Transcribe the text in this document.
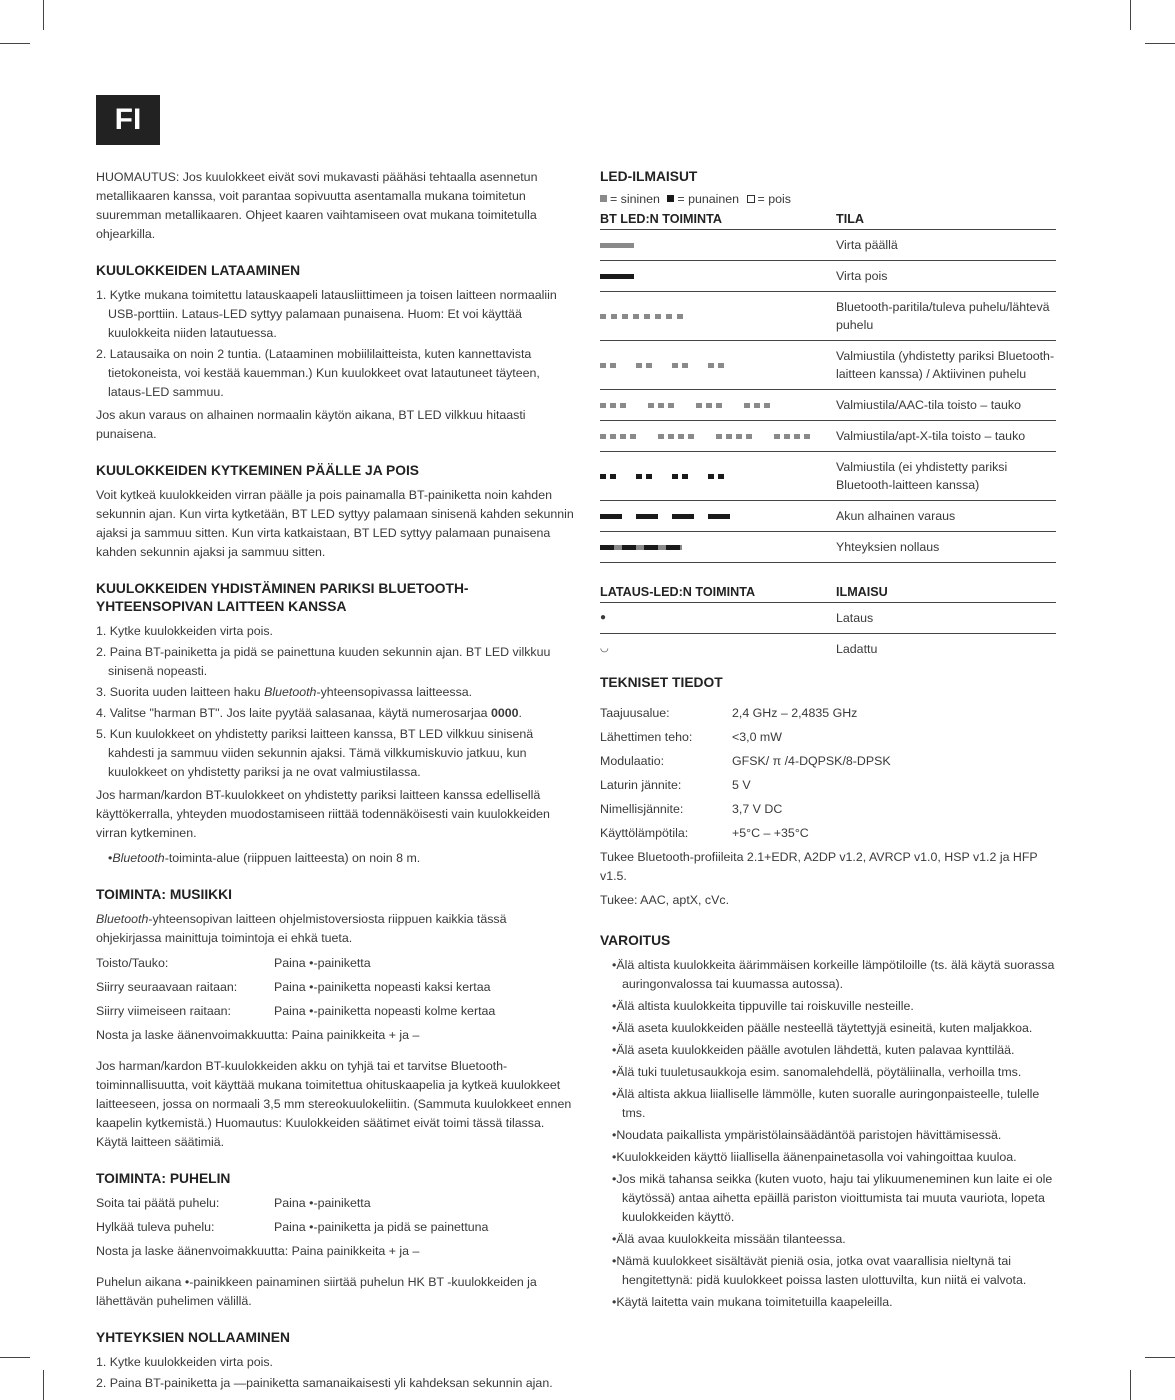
FI

HUOMAUTUS: Jos kuulokkeet eivät sovi mukavasti päähäsi tehtaalla asennetun metallikaaren kanssa, voit parantaa sopivuutta asentamalla mukana toimitetun suuremman metallikaaren. Ohjeet kaaren vaihtamiseen ovat mukana toimitetulla ohjearkilla.

KUULOKKEIDEN LATAAMINEN
1. Kytke mukana toimitettu latauskaapeli latausliittimeen ja toisen laitteen normaaliin USB-porttiin. Lataus-LED syttyy palamaan punaisena. Huom: Et voi käyttää kuulokkeita niiden latautuessa.
2. Latausaika on noin 2 tuntia. (Lataaminen mobiililaitteista, kuten kannettavista tietokoneista, voi kestää kauemman.) Kun kuulokkeet ovat latautuneet täyteen, lataus-LED sammuu.

Jos akun varaus on alhainen normaalin käytön aikana, BT LED vilkkuu hitaasti punaisena.

KUULOKKEIDEN KYTKEMINEN PÄÄLLE JA POIS

Voit kytkeä kuulokkeiden virran päälle ja pois painamalla BT-painiketta noin kahden sekunnin ajan. Kun virta kytketään, BT LED syttyy palamaan sinisenä kahden sekunnin ajaksi ja sammuu sitten. Kun virta katkaistaan, BT LED syttyy palamaan punaisena kahden sekunnin ajaksi ja sammuu sitten.

KUULOKKEIDEN YHDISTÄMINEN PARIKSI BLUETOOTH-YHTEENSOPIVAN LAITTEEN KANSSA
1. Kytke kuulokkeiden virta pois.
2. Paina BT-painiketta ja pidä se painettuna kuuden sekunnin ajan. BT LED vilkkuu sinisenä nopeasti.
3. Suorita uuden laitteen haku Bluetooth-yhteensopivassa laitteessa.
4. Valitse "harman BT". Jos laite pyytää salasanaa, käytä numerosarjaa 0000.
5. Kun kuulokkeet on yhdistetty pariksi laitteen kanssa, BT LED vilkkuu sinisenä kahdesti ja sammuu viiden sekunnin ajaksi. Tämä vilkkumiskuvio jatkuu, kun kuulokkeet on yhdistetty pariksi ja ne ovat valmiustilassa.

Jos harman/kardon BT-kuulokkeet on yhdistetty pariksi laitteen kanssa edellisellä käyttökerralla, yhteyden muodostamiseen riittää todennäköisesti vain kuulokkeiden virran kytkeminen.

• Bluetooth-toiminta-alue (riippuen laitteesta) on noin 8 m.
TOIMINTA: MUSIIKKI

Bluetooth-yhteensopivan laitteen ohjelmistoversiosta riippuen kaikkia tässä ohjekirjassa mainittuja toimintoja ei ehkä tueta.

Toisto/Tauko:	Paina •-painiketta
Siirry seuraavaan raitaan:	Paina •-painiketta nopeasti kaksi kertaa
Siirry viimeiseen raitaan:	Paina •-painiketta nopeasti kolme kertaa

Nosta ja laske äänenvoimakkuutta: Paina painikkeita + ja –

Jos harman/kardon BT-kuulokkeiden akku on tyhjä tai et tarvitse Bluetooth-toiminnallisuutta, voit käyttää mukana toimitettua ohituskaapelia ja kytkeä kuulokkeet laitteeseen, jossa on normaali 3,5 mm stereokuulokeliitin. (Sammuta kuulokkeet ennen kaapelin kytkemistä.) Huomautus: Kuulokkeiden säätimet eivät toimi tässä tilassa. Käytä laitteen säätimiä.

TOIMINTA: PUHELIN
Soita tai päätä puhelu:	Paina •-painiketta
Hylkää tuleva puhelu:	Paina •-painiketta ja pidä se painettuna

Nosta ja laske äänenvoimakkuutta: Paina painikkeita + ja –

Puhelun aikana •-painikkeen painaminen siirtää puhelun HK BT -kuulokkeiden ja lähettävän puhelimen välillä.

YHTEYKSIEN NOLLAAMINEN
1. Kytke kuulokkeiden virta pois.
2. Paina BT-painiketta ja —painiketta samanaikaisesti yli kahdeksan sekunnin ajan.
LED-ILMAISUT
= sininen = punainen = pois
BT LED:N TOIMINTA	TILA
	Virta päällä
	Virta pois
	Bluetooth-paritila/tuleva puhelu/lähtevä puhelu
	Valmiustila (yhdistetty pariksi Bluetooth-laitteen kanssa) / Aktiivinen puhelu
	Valmiustila/AAC-tila toisto – tauko
	Valmiustila/apt-X-tila toisto – tauko
	Valmiustila (ei yhdistetty pariksi Bluetooth-laitteen kanssa)
	Akun alhainen varaus
	Yhteyksien nollaus
LATAUS-LED:N TOIMINTA	ILMAISU
●	Lataus
◡	Ladattu
TEKNISET TIEDOT
Taajuusalue:	2,4 GHz – 2,4835 GHz
Lähettimen teho:	<3,0 mW
Modulaatio:	GFSK/ π /4-DQPSK/8-DPSK
Laturin jännite:	5 V
Nimellisjännite:	3,7 V DC
Käyttölämpötila:	+5°C – +35°C

Tukee Bluetooth-profiileita 2.1+EDR, A2DP v1.2, AVRCP v1.0, HSP v1.2 ja HFP v1.5.

Tukee: AAC, aptX, cVc.

VAROITUS
• Älä altista kuulokkeita äärimmäisen korkeille lämpötiloille (ts. älä käytä suorassa auringonvalossa tai kuumassa autossa).
• Älä altista kuulokkeita tippuville tai roiskuville nesteille.
• Älä aseta kuulokkeiden päälle nesteellä täytettyjä esineitä, kuten maljakkoa.
• Älä aseta kuulokkeiden päälle avotulen lähdettä, kuten palavaa kynttilää.
• Älä tuki tuuletusaukkoja esim. sanomalehdellä, pöytäliinalla, verhoilla tms.
• Älä altista akkua liialliselle lämmölle, kuten suoralle auringonpaisteelle, tulelle tms.
• Noudata paikallista ympäristölainsäädäntöä paristojen hävittämisessä.
• Kuulokkeiden käyttö liiallisella äänenpainetasolla voi vahingoittaa kuuloa.
• Jos mikä tahansa seikka (kuten vuoto, haju tai ylikuumeneminen kun laite ei ole käytössä) antaa aihetta epäillä pariston vioittumista tai muuta vauriota, lopeta kuulokkeiden käyttö.
• Älä avaa kuulokkeita missään tilanteessa.
• Nämä kuulokkeet sisältävät pieniä osia, jotka ovat vaarallisia nieltynä tai hengitettynä: pidä kuulokkeet poissa lasten ulottuvilta, kun niitä ei valvota.
• Käytä laitetta vain mukana toimitetuilla kaapeleilla.
